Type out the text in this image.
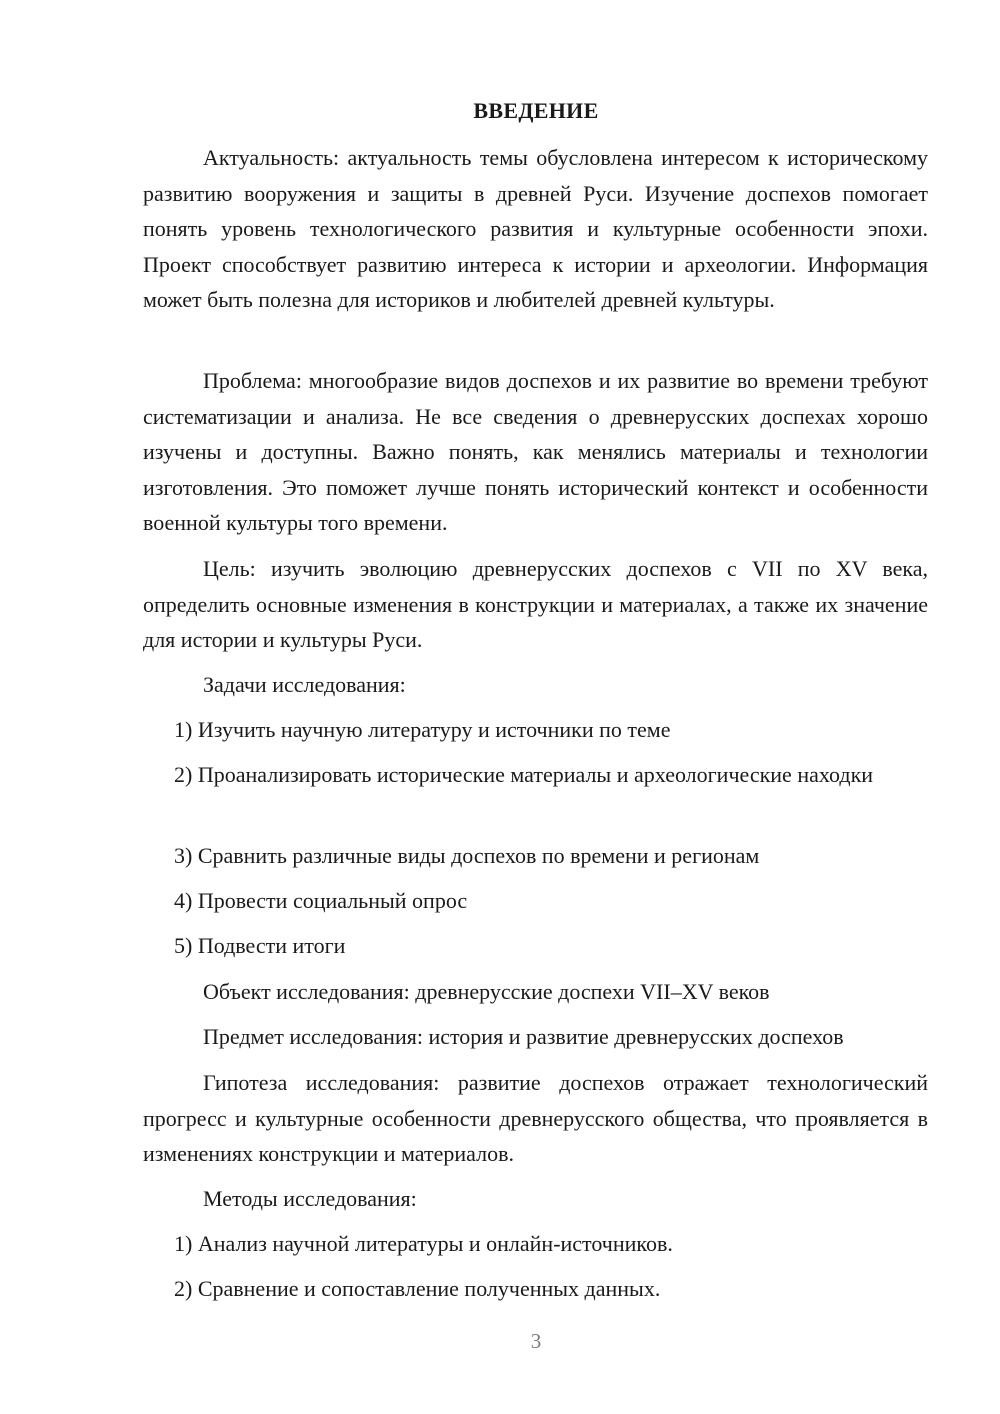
ВВЕДЕНИЕ

Актуальность: актуальность темы обусловлена интересом к историческому развитию вооружения и защиты в древней Руси. Изучение доспехов помогает понять уровень технологического развития и культурные особенности эпохи. Проект способствует развитию интереса к истории и археологии. Информация может быть полезна для историков и любителей древней культуры.

Проблема: многообразие видов доспехов и их развитие во времени требуют систематизации и анализа. Не все сведения о древнерусских доспехах хорошо изучены и доступны. Важно понять, как менялись материалы и технологии изготовления. Это поможет лучше понять исторический контекст и особенности военной культуры того времени.

Цель: изучить эволюцию древнерусских доспехов с VII по XV века, определить основные изменения в конструкции и материалах, а также их значение для истории и культуры Руси.

Задачи исследования:

1) Изучить научную литературу и источники по теме

2) Проанализировать исторические материалы и археологические находки

3) Сравнить различные виды доспехов по времени и регионам

4) Провести социальный опрос

5) Подвести итоги

Объект исследования: древнерусские доспехи VII–XV веков

Предмет исследования: история и развитие древнерусских доспехов

Гипотеза исследования: развитие доспехов отражает технологический прогресс и культурные особенности древнерусского общества, что проявляется в изменениях конструкции и материалов.

Методы исследования:

1) Анализ научной литературы и онлайн-источников.

2) Сравнение и сопоставление полученных данных.

3
